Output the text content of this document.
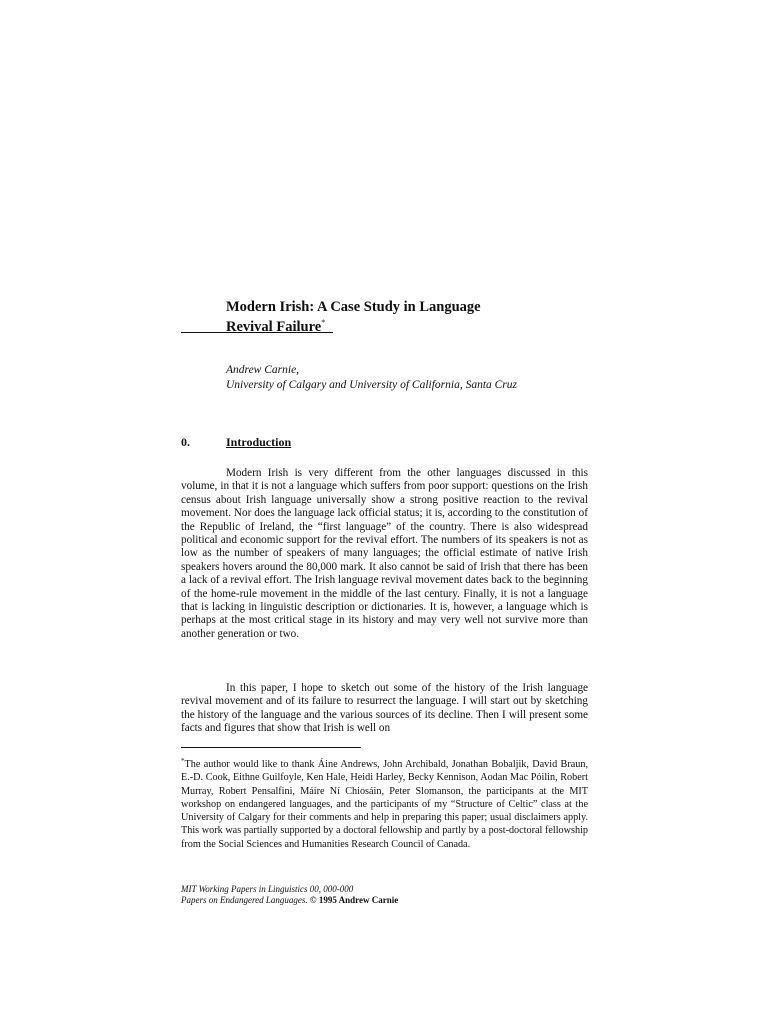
Modern Irish: A Case Study in Language
Revival Failure*
Andrew Carnie,
University of Calgary and University of California, Santa Cruz
0.	Introduction

Modern Irish is very different from the other languages discussed in this volume, in that it is not a language which suffers from poor support: questions on the Irish census about Irish language universally show a strong positive reaction to the revival movement. Nor does the language lack official status; it is, according to the constitution of the Republic of Ireland, the “first language” of the country. There is also widespread political and economic support for the revival effort. The numbers of its speakers is not as low as the number of speakers of many languages; the official estimate of native Irish speakers hovers around the 80,000 mark. It also cannot be said of Irish that there has been a lack of a revival effort. The Irish language revival movement dates back to the beginning of the home-rule movement in the middle of the last century. Finally, it is not a language that is lacking in linguistic description or dictionaries. It is, however, a language which is perhaps at the most critical stage in its history and may very well not survive more than another generation or two.

In this paper, I hope to sketch out some of the history of the Irish language revival movement and of its failure to resurrect the language. I will start out by sketching the history of the language and the various sources of its decline. Then I will present some facts and figures that show that Irish is well on

*The author would like to thank Áine Andrews, John Archibald, Jonathan Bobaljik, David Braun, E.-D. Cook, Eithne Guilfoyle, Ken Hale, Heidi Harley, Becky Kennison, Aodan Mac Póilin, Robert Murray, Robert Pensalfini, Máire Ní Chiosáin, Peter Slomanson, the participants at the MIT workshop on endangered languages, and the participants of my “Structure of Celtic” class at the University of Calgary for their comments and help in preparing this paper; usual disclaimers apply. This work was partially supported by a doctoral fellowship and partly by a post-doctoral fellowship from the Social Sciences and Humanities Research Council of Canada.

MIT Working Papers in Linguistics 00, 000-000
Papers on Endangered Languages. © 1995 Andrew Carnie
